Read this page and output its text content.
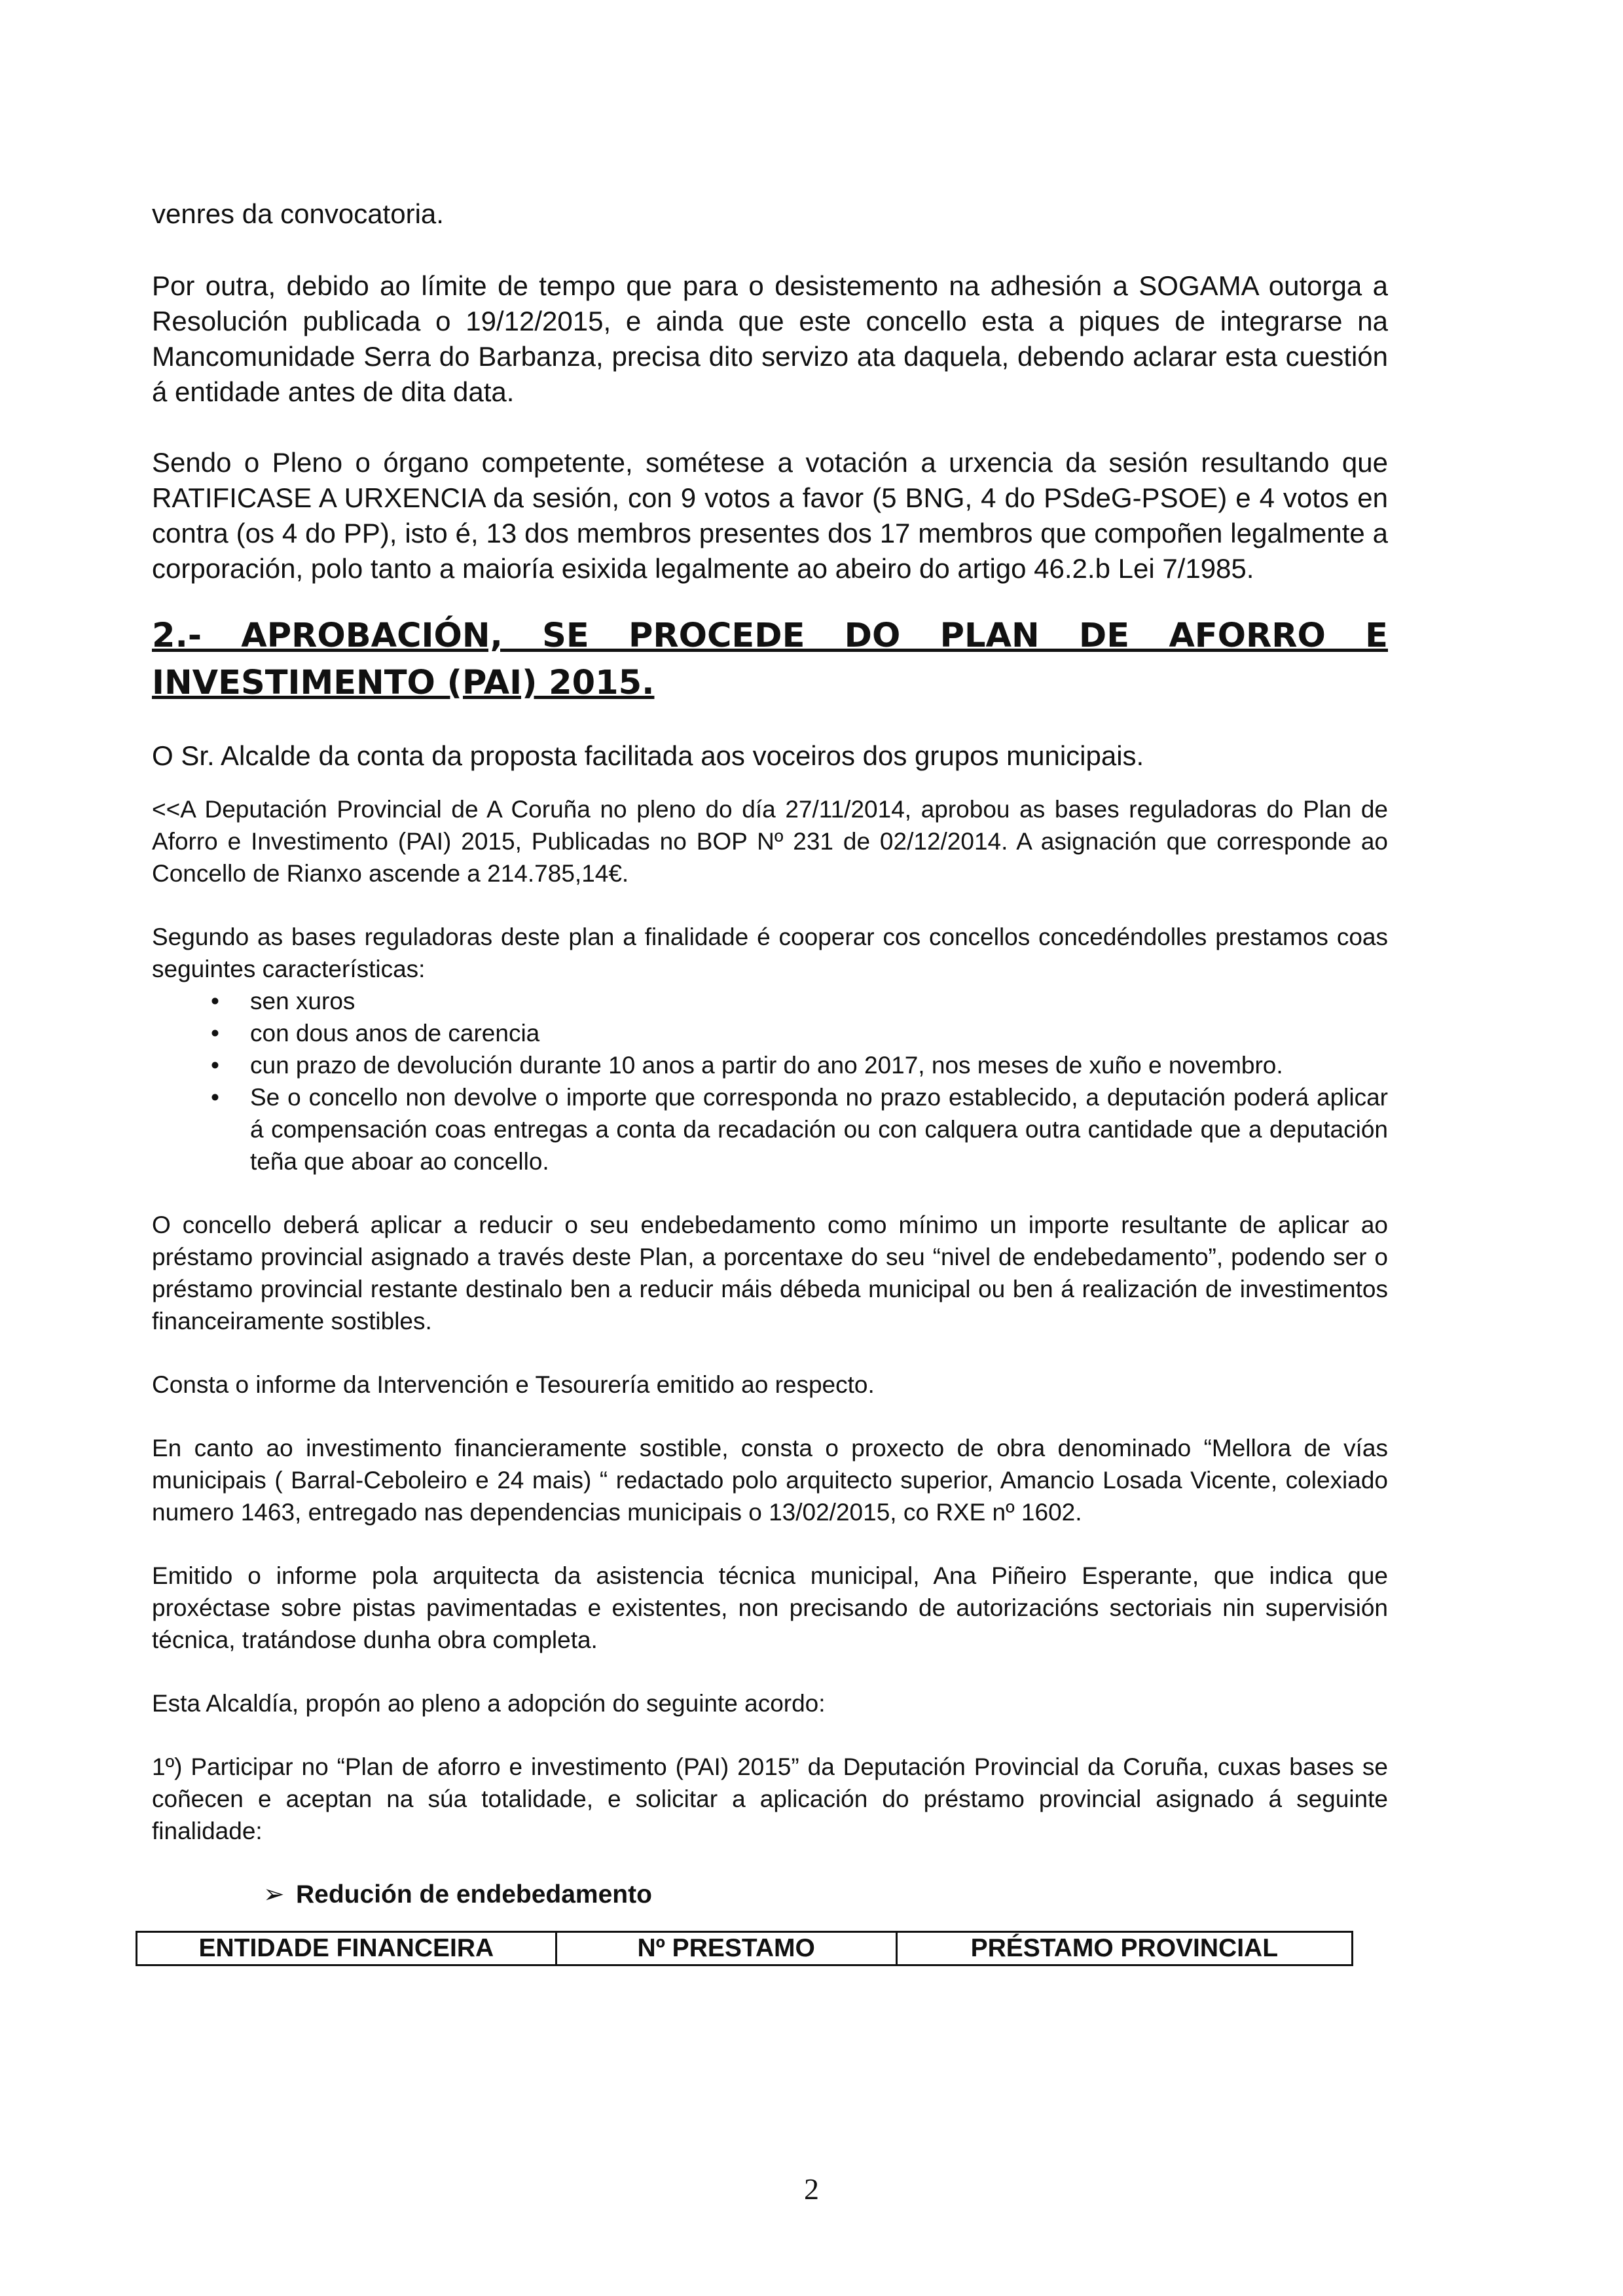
venres da convocatoria.

Por outra, debido ao límite de tempo que para o desistemento na adhesión a SOGAMA outorga a Resolución publicada o 19/12/2015, e ainda que este concello esta a piques de integrarse na Mancomunidade Serra do Barbanza, precisa dito servizo ata daquela, debendo aclarar esta cuestión á entidade antes de dita data.

Sendo o Pleno o órgano competente, sométese a votación a urxencia da sesión resultando que RATIFICASE A URXENCIA da sesión, con 9 votos a favor (5 BNG, 4 do PSdeG-PSOE) e 4 votos en contra (os 4 do PP), isto é, 13 dos membros presentes dos 17 membros que compoñen legalmente a corporación, polo tanto a maioría esixida legalmente ao abeiro do artigo 46.2.b Lei 7/1985.

2.- APROBACIÓN, SE PROCEDE DO PLAN DE AFORRO E INVESTIMENTO (PAI) 2015.

O Sr. Alcalde da conta da proposta facilitada aos voceiros dos grupos municipais.

<<A Deputación Provincial de A Coruña no pleno do día 27/11/2014, aprobou as bases reguladoras do Plan de Aforro e Investimento (PAI) 2015, Publicadas no BOP Nº 231 de 02/12/2014. A asignación que corresponde ao Concello de Rianxo ascende a 214.785,14€.

Segundo as bases reguladoras deste plan a finalidade é cooperar cos concellos concedéndolles prestamos coas seguintes características:

• sen xuros
• con dous anos de carencia
• cun prazo de devolución durante 10 anos a partir do ano 2017, nos meses de xuño e novembro.
• Se o concello non devolve o importe que corresponda no prazo establecido, a deputación poderá aplicar á compensación coas entregas a conta da recadación ou con calquera outra cantidade que a deputación teña que aboar ao concello.

O concello deberá aplicar a reducir o seu endebedamento como mínimo un importe resultante de aplicar ao préstamo provincial asignado a través deste Plan, a porcentaxe do seu “nivel de endebedamento”, podendo ser o préstamo provincial restante destinalo ben a reducir máis débeda municipal ou ben á realización de investimentos financeiramente sostibles.

Consta o informe da Intervención e Tesourería emitido ao respecto.

En canto ao investimento financieramente sostible, consta o proxecto de obra denominado “Mellora de vías municipais ( Barral-Ceboleiro e 24 mais) “ redactado polo arquitecto superior, Amancio Losada Vicente, colexiado numero 1463, entregado nas dependencias municipais o 13/02/2015, co RXE nº 1602.

Emitido o informe pola arquitecta da asistencia técnica municipal, Ana Piñeiro Esperante, que indica que proxéctase sobre pistas pavimentadas e existentes, non precisando de autorizacións sectoriais nin supervisión técnica, tratándose dunha obra completa.

Esta Alcaldía, propón ao pleno a adopción do seguinte acordo:

1º) Participar no “Plan de aforro e investimento (PAI) 2015” da Deputación Provincial da Coruña, cuxas bases se coñecen e aceptan na súa totalidade, e solicitar a aplicación do préstamo provincial asignado á seguinte finalidade:

➢ Redución de endebedamento

ENTIDADE FINANCEIRA	Nº PRESTAMO	PRÉSTAMO PROVINCIAL
2
